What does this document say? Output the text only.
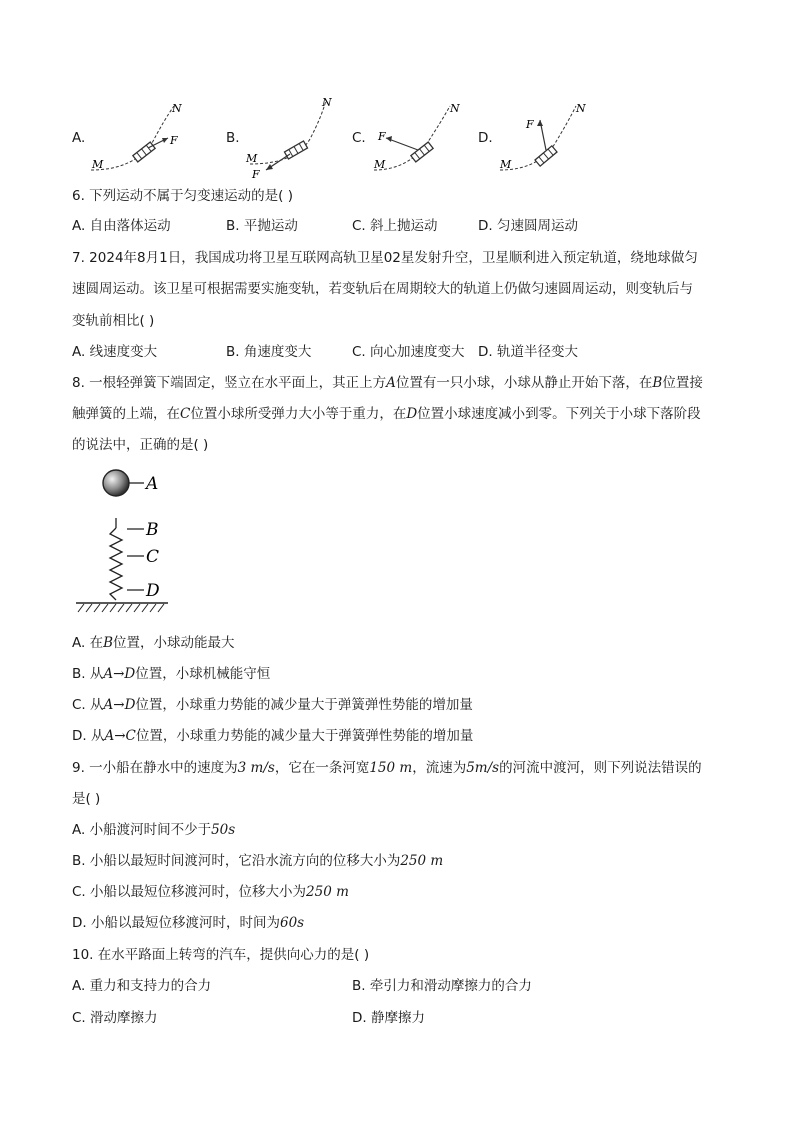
A.	F
N
M
B.
N
M
F
C.
N
M
F	D.
N
M
F
6. 下列运动不属于匀变速运动的是( )
A. 自由落体运动	B. 平抛运动	C. 斜上抛运动	D. 匀速圆周运动
7. 2024年8月1日，我国成功将卫星互联网高轨卫星02星发射升空，卫星顺利进入预定轨道，绕地球做匀
速圆周运动。该卫星可根据需要实施变轨，若变轨后在周期较大的轨道上仍做匀速圆周运动，则变轨后与
变轨前相比( )
A. 线速度变大	B. 角速度变大	C. 向心加速度变大 D. 轨道半径变大
8. 一根轻弹簧下端固定，竖立在水平面上，其正上方A位置有一只小球，小球从静止开始下落，在B位置接
触弹簧的上端，在C位置小球所受弹力大小等于重力，在D位置小球速度减小到零。下列关于小球下落阶段
的说法中，正确的是( )
A
B
C
D
A. 在B位置，小球动能最大
B. 从A→D位置，小球机械能守恒
C. 从A→D位置，小球重力势能的减少量大于弹簧弹性势能的增加量
D. 从A→C位置，小球重力势能的减少量大于弹簧弹性势能的增加量
9. 一小船在静水中的速度为3 m/s，它在一条河宽150 m，流速为5m/s的河流中渡河，则下列说法错误的
是( )
A. 小船渡河时间不少于50s
B. 小船以最短时间渡河时，它沿水流方向的位移大小为250 m
C. 小船以最短位移渡河时，位移大小为250 m
D. 小船以最短位移渡河时，时间为60s
10. 在水平路面上转弯的汽车，提供向心力的是( )
A. 重力和支持力的合力	B. 牵引力和滑动摩擦力的合力
C. 滑动摩擦力	D. 静摩擦力
